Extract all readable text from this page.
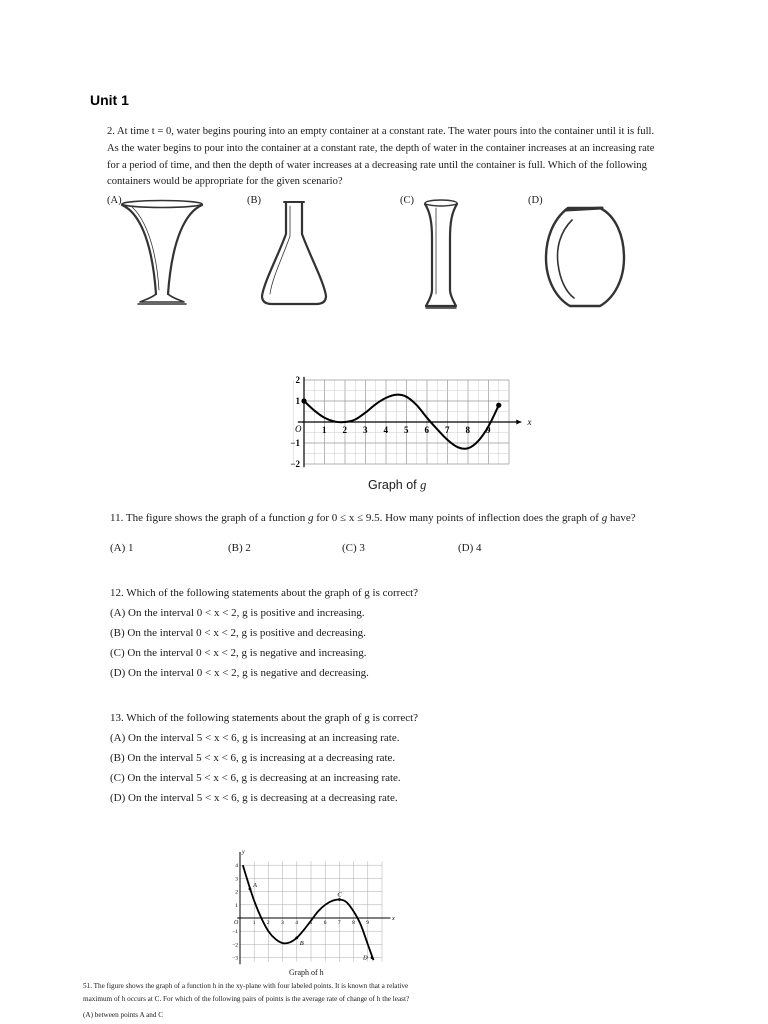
Unit 1
2. At time t = 0, water begins pouring into an empty container at a constant rate. The water pours into the container until it is full. As the water begins to pour into the container at a constant rate, the depth of water in the container increases at an increasing rate for a period of time, and then the depth of water increases at a decreasing rate until the container is full. Which of the following containers would be appropriate for the given scenario?
(A)	(B)	(C)	(D)
x
O 1 2 3 4 5 6 7 8 9
2
1
−1
−2
Graph of g
11. The figure shows the graph of a function g for 0 ≤ x ≤ 9.5. How many points of inflection does the graph of g have?
(A) 1	(B) 2	(C) 3	(D) 4
12. Which of the following statements about the graph of g is correct?
(A) On the interval 0 < x < 2, g is positive and increasing.
(B) On the interval 0 < x < 2, g is positive and decreasing.
(C) On the interval 0 < x < 2, g is negative and increasing.
(D) On the interval 0 < x < 2, g is negative and decreasing.
13. Which of the following statements about the graph of g is correct?
(A) On the interval 5 < x < 6, g is increasing at an increasing rate.
(B) On the interval 5 < x < 6, g is increasing at a decreasing rate.
(C) On the interval 5 < x < 6, g is decreasing at an increasing rate.
(D) On the interval 5 < x < 6, g is decreasing at a decreasing rate.
y
x
O	1 2 3 4 5 6 7 8 9
4
3
2
1
−1
−2
−3
A
B
C
D
Graph of h
51. The figure shows the graph of a function h in the xy-plane with four labeled points. It is known that a relative
maximum of h occurs at C. For which of the following pairs of points is the average rate of change of h the least?
(A) between points A and C
